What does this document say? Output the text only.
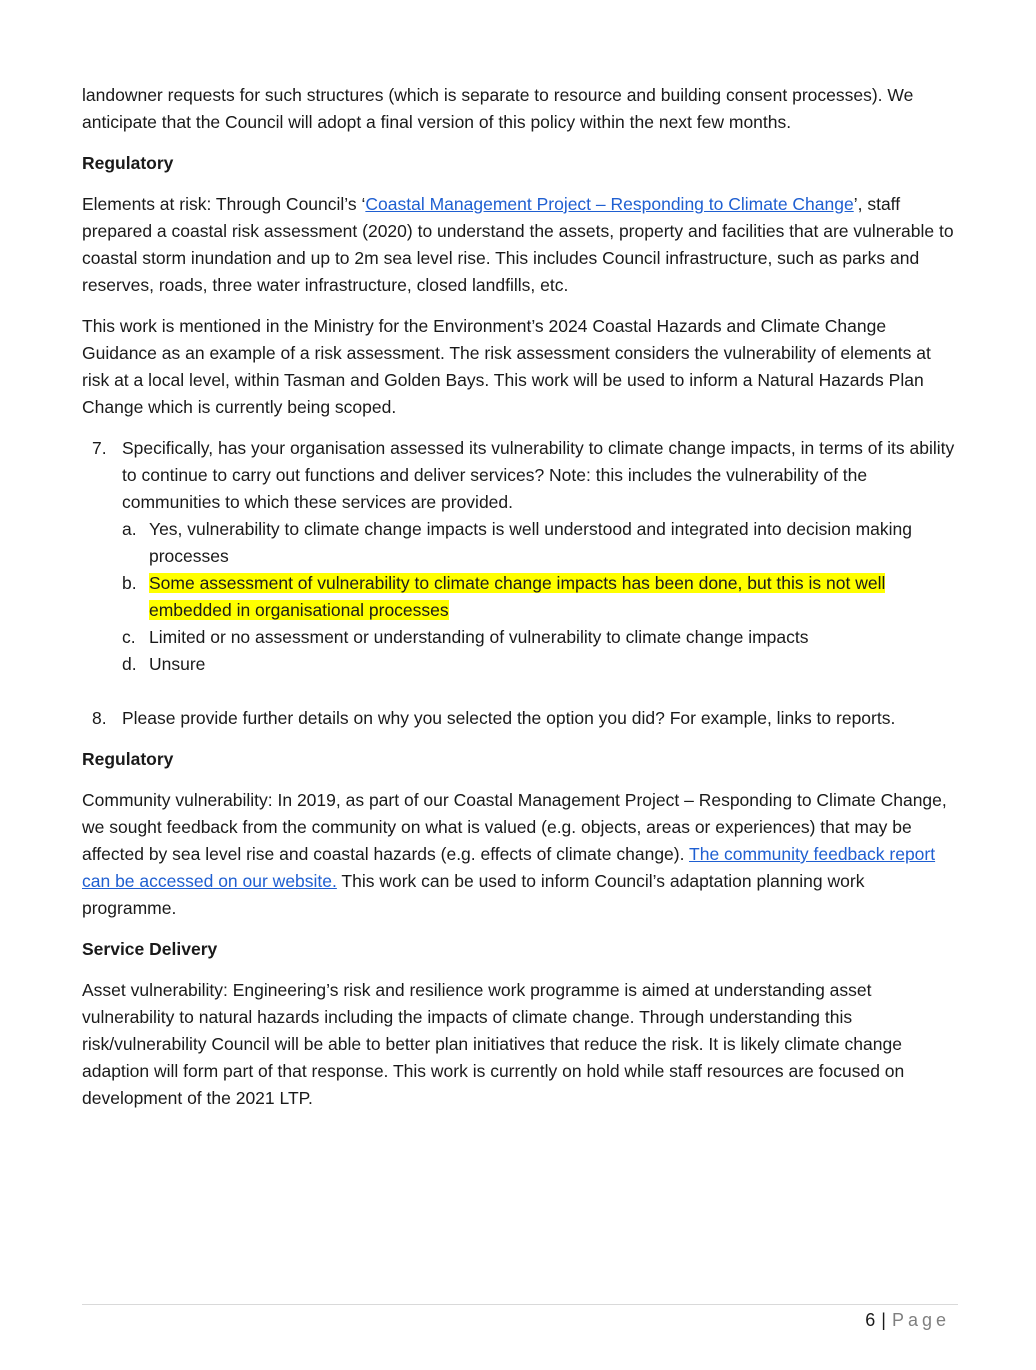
landowner requests for such structures (which is separate to resource and building consent processes). We anticipate that the Council will adopt a final version of this policy within the next few months.

Regulatory

Elements at risk: Through Council’s ‘Coastal Management Project – Responding to Climate Change’, staff prepared a coastal risk assessment (2020) to understand the assets, property and facilities that are vulnerable to coastal storm inundation and up to 2m sea level rise. This includes Council infrastructure, such as parks and reserves, roads, three water infrastructure, closed landfills, etc.

This work is mentioned in the Ministry for the Environment’s 2024 Coastal Hazards and Climate Change Guidance as an example of a risk assessment. The risk assessment considers the vulnerability of elements at risk at a local level, within Tasman and Golden Bays. This work will be used to inform a Natural Hazards Plan Change which is currently being scoped.

7. Specifically, has your organisation assessed its vulnerability to climate change impacts, in terms of its ability to continue to carry out functions and deliver services? Note: this includes the vulnerability of the communities to which these services are provided.
a. Yes, vulnerability to climate change impacts is well understood and integrated into decision making processes
b. Some assessment of vulnerability to climate change impacts has been done, but this is not well embedded in organisational processes
c. Limited or no assessment or understanding of vulnerability to climate change impacts
d. Unsure
8. Please provide further details on why you selected the option you did? For example, links to reports.

Regulatory

Community vulnerability: In 2019, as part of our Coastal Management Project – Responding to Climate Change, we sought feedback from the community on what is valued (e.g. objects, areas or experiences) that may be affected by sea level rise and coastal hazards (e.g. effects of climate change). The community feedback report can be accessed on our website. This work can be used to inform Council’s adaptation planning work programme.

Service Delivery

Asset vulnerability: Engineering’s risk and resilience work programme is aimed at understanding asset vulnerability to natural hazards including the impacts of climate change. Through understanding this risk/vulnerability Council will be able to better plan initiatives that reduce the risk. It is likely climate change adaption will form part of that response. This work is currently on hold while staff resources are focused on development of the 2021 LTP.

6 | Page
